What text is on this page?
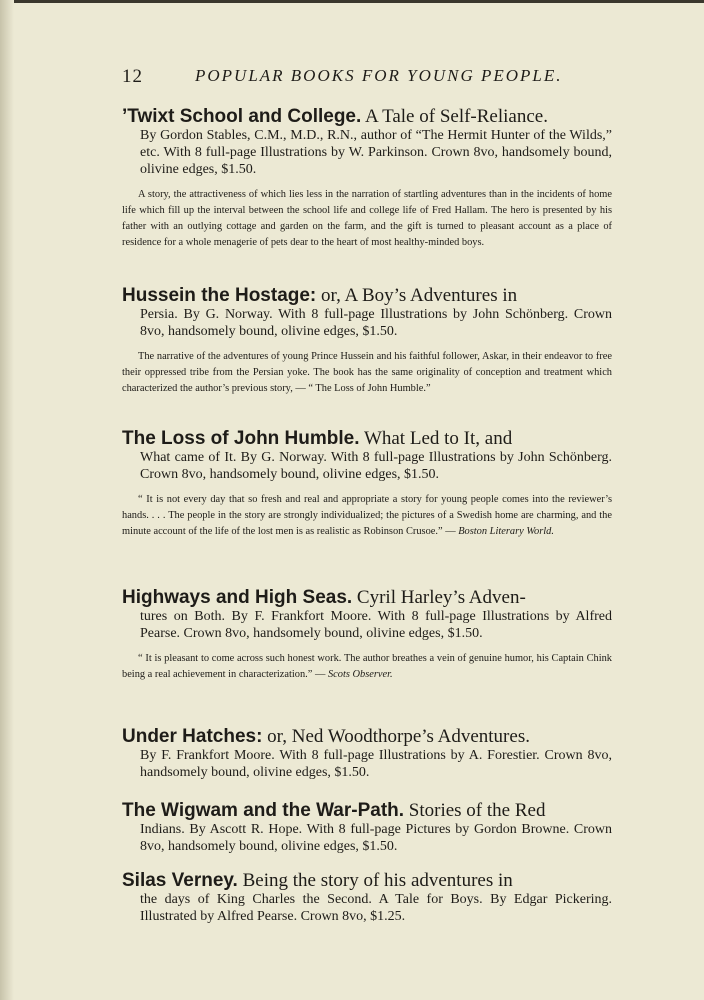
12	POPULAR BOOKS FOR YOUNG PEOPLE.

’Twixt School and College. A Tale of Self-Reliance.

By Gordon Stables, C.M., M.D., R.N., author of “The Hermit Hunter of the Wilds,” etc. With 8 full-page Illustrations by W. Parkinson. Crown 8vo, handsomely bound, olivine edges, $1.50.

A story, the attractiveness of which lies less in the narration of startling adventures than in the incidents of home life which fill up the interval between the school life and college life of Fred Hallam. The hero is presented by his father with an outlying cottage and garden on the farm, and the gift is turned to pleasant account as a place of residence for a whole menagerie of pets dear to the heart of most healthy-minded boys.

Hussein the Hostage: or, A Boy’s Adventures in

Persia. By G. Norway. With 8 full-page Illustrations by John Schönberg. Crown 8vo, handsomely bound, olivine edges, $1.50.

The narrative of the adventures of young Prince Hussein and his faithful follower, Askar, in their endeavor to free their oppressed tribe from the Persian yoke. The book has the same originality of conception and treatment which characterized the author’s previous story, — “ The Loss of John Humble.”

The Loss of John Humble. What Led to It, and

What came of It. By G. Norway. With 8 full-page Illustrations by John Schönberg. Crown 8vo, handsomely bound, olivine edges, $1.50.

“ It is not every day that so fresh and real and appropriate a story for young people comes into the reviewer’s hands. . . . The people in the story are strongly individualized; the pictures of a Swedish home are charming, and the minute account of the life of the lost men is as realistic as Robinson Crusoe.” — Boston Literary World.

Highways and High Seas. Cyril Harley’s Adven-

tures on Both. By F. Frankfort Moore. With 8 full-page Illustrations by Alfred Pearse. Crown 8vo, handsomely bound, olivine edges, $1.50.

“ It is pleasant to come across such honest work. The author breathes a vein of genuine humor, his Captain Chink being a real achievement in characterization.” — Scots Observer.

Under Hatches: or, Ned Woodthorpe’s Adventures.

By F. Frankfort Moore. With 8 full-page Illustrations by A. Forestier. Crown 8vo, handsomely bound, olivine edges, $1.50.

The Wigwam and the War-Path. Stories of the Red

Indians. By Ascott R. Hope. With 8 full-page Pictures by Gordon Browne. Crown 8vo, handsomely bound, olivine edges, $1.50.

Silas Verney. Being the story of his adventures in

the days of King Charles the Second. A Tale for Boys. By Edgar Pickering. Illustrated by Alfred Pearse. Crown 8vo, $1.25.
